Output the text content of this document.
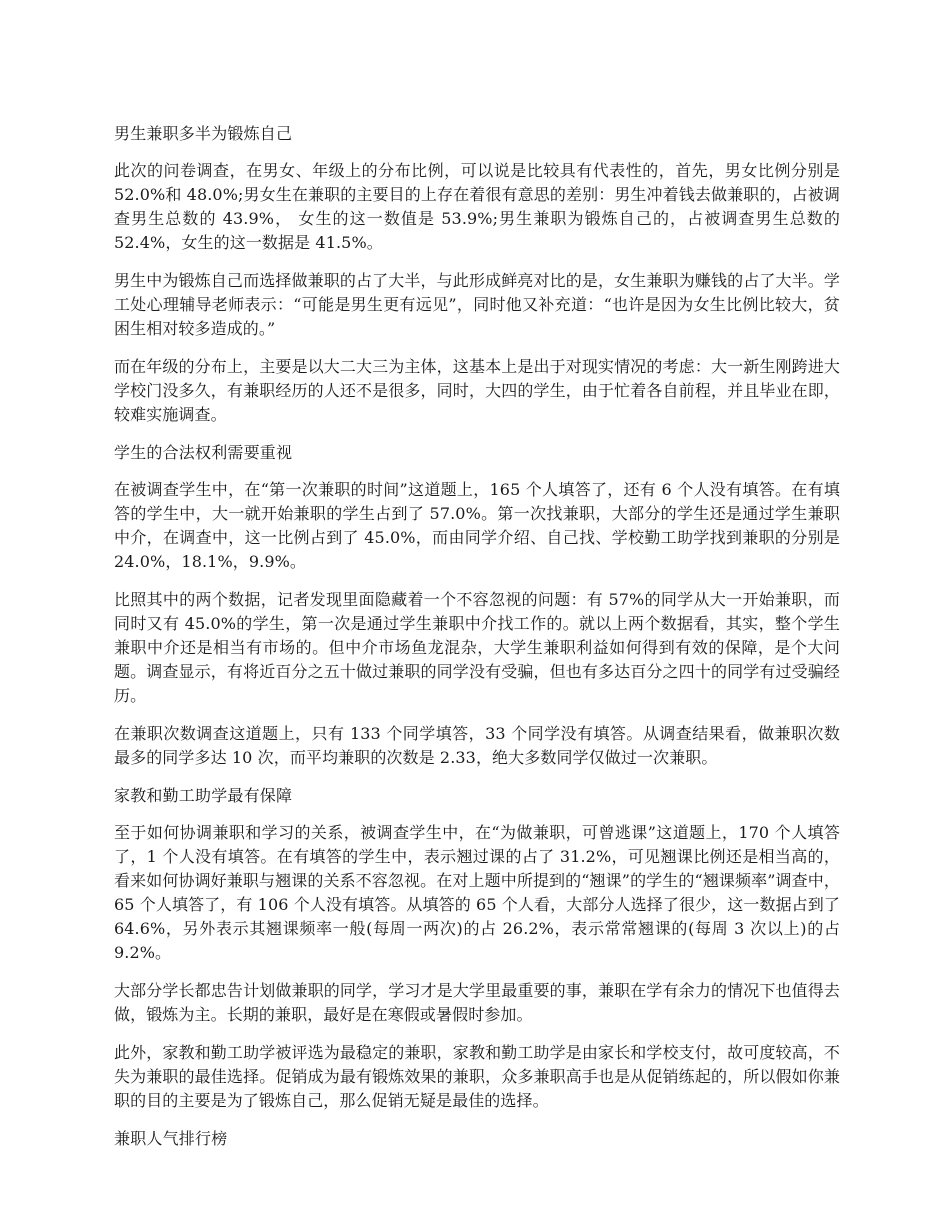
男生兼职多半为锻炼自己

此次的问卷调查，在男女、年级上的分布比例，可以说是比较具有代表性的，首先，男女比例分别是 52.0%和 48.0%;男女生在兼职的主要目的上存在着很有意思的差别：男生冲着钱去做兼职的，占被调查男生总数的 43.9%， 女生的这一数值是 53.9%;男生兼职为锻炼自己的，占被调查男生总数的 52.4%，女生的这一数据是 41.5%。

男生中为锻炼自己而选择做兼职的占了大半，与此形成鲜亮对比的是，女生兼职为赚钱的占了大半。学工处心理辅导老师表示：“可能是男生更有远见”，同时他又补充道：“也许是因为女生比例比较大，贫困生相对较多造成的。”

而在年级的分布上，主要是以大二大三为主体，这基本上是出于对现实情况的考虑：大一新生刚跨进大学校门没多久，有兼职经历的人还不是很多，同时，大四的学生，由于忙着各自前程，并且毕业在即，较难实施调查。

学生的合法权利需要重视

在被调查学生中，在“第一次兼职的时间”这道题上，165 个人填答了，还有 6 个人没有填答。在有填答的学生中，大一就开始兼职的学生占到了 57.0%。第一次找兼职，大部分的学生还是通过学生兼职中介，在调查中，这一比例占到了 45.0%，而由同学介绍、自己找、学校勤工助学找到兼职的分别是 24.0%，18.1%，9.9%。

比照其中的两个数据，记者发现里面隐藏着一个不容忽视的问题：有 57%的同学从大一开始兼职，而同时又有 45.0%的学生，第一次是通过学生兼职中介找工作的。就以上两个数据看，其实，整个学生兼职中介还是相当有市场的。但中介市场鱼龙混杂，大学生兼职利益如何得到有效的保障，是个大问题。调查显示，有将近百分之五十做过兼职的同学没有受骗，但也有多达百分之四十的同学有过受骗经历。

在兼职次数调查这道题上，只有 133 个同学填答，33 个同学没有填答。从调查结果看，做兼职次数最多的同学多达 10 次，而平均兼职的次数是 2.33，绝大多数同学仅做过一次兼职。

家教和勤工助学最有保障

至于如何协调兼职和学习的关系，被调查学生中，在“为做兼职，可曾逃课”这道题上，170 个人填答了，1 个人没有填答。在有填答的学生中，表示翘过课的占了 31.2%，可见翘课比例还是相当高的，看来如何协调好兼职与翘课的关系不容忽视。在对上题中所提到的“翘课”的学生的“翘课频率”调查中，65 个人填答了，有 106 个人没有填答。从填答的 65 个人看，大部分人选择了很少，这一数据占到了 64.6%，另外表示其翘课频率一般(每周一两次)的占 26.2%，表示常常翘课的(每周 3 次以上)的占 9.2%。

大部分学长都忠告计划做兼职的同学，学习才是大学里最重要的事，兼职在学有余力的情况下也值得去做，锻炼为主。长期的兼职，最好是在寒假或暑假时参加。

此外，家教和勤工助学被评选为最稳定的兼职，家教和勤工助学是由家长和学校支付，故可度较高，不失为兼职的最佳选择。促销成为最有锻炼效果的兼职，众多兼职高手也是从促销练起的，所以假如你兼职的目的主要是为了锻炼自己，那么促销无疑是最佳的选择。

兼职人气排行榜
